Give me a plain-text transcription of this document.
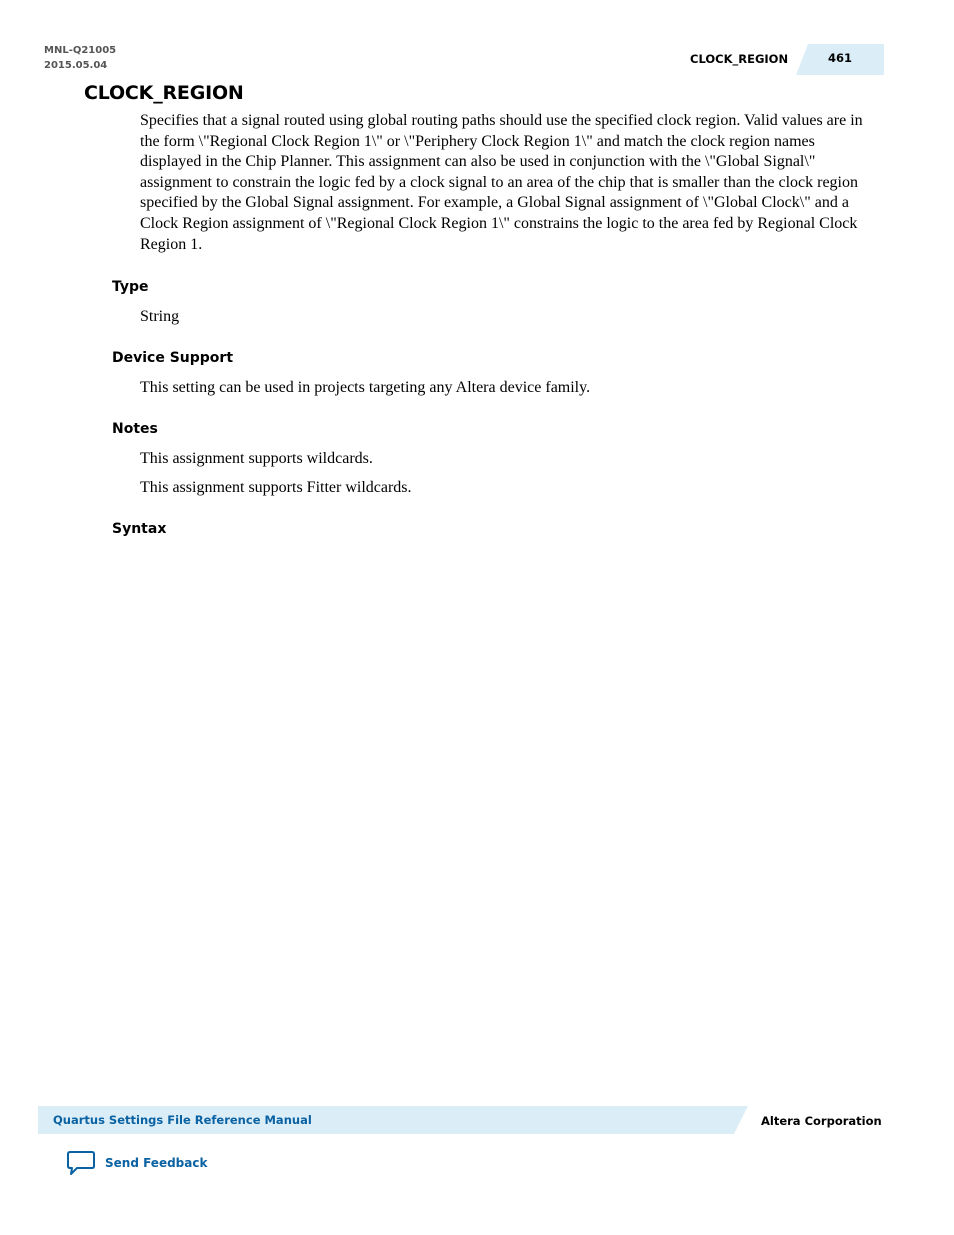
MNL-Q21005
2015.05.04	CLOCK_REGION	461
CLOCK_REGION

Specifies that a signal routed using global routing paths should use the specified clock region. Valid values are in the form \"Regional Clock Region 1\" or \"Periphery Clock Region 1\" and match the clock region names displayed in the Chip Planner. This assignment can also be used in conjunction with the \"Global Signal\" assignment to constrain the logic fed by a clock signal to an area of the chip that is smaller than the clock region specified by the Global Signal assignment. For example, a Global Signal assignment of \"Global Clock\" and a Clock Region assignment of \"Regional Clock Region 1\" constrains the logic to the area fed by Regional Clock Region 1.

Type

String

Device Support

This setting can be used in projects targeting any Altera device family.

Notes

This assignment supports wildcards.

This assignment supports Fitter wildcards.

Syntax
Quartus Settings File Reference Manual	Altera Corporation
Send Feedback
